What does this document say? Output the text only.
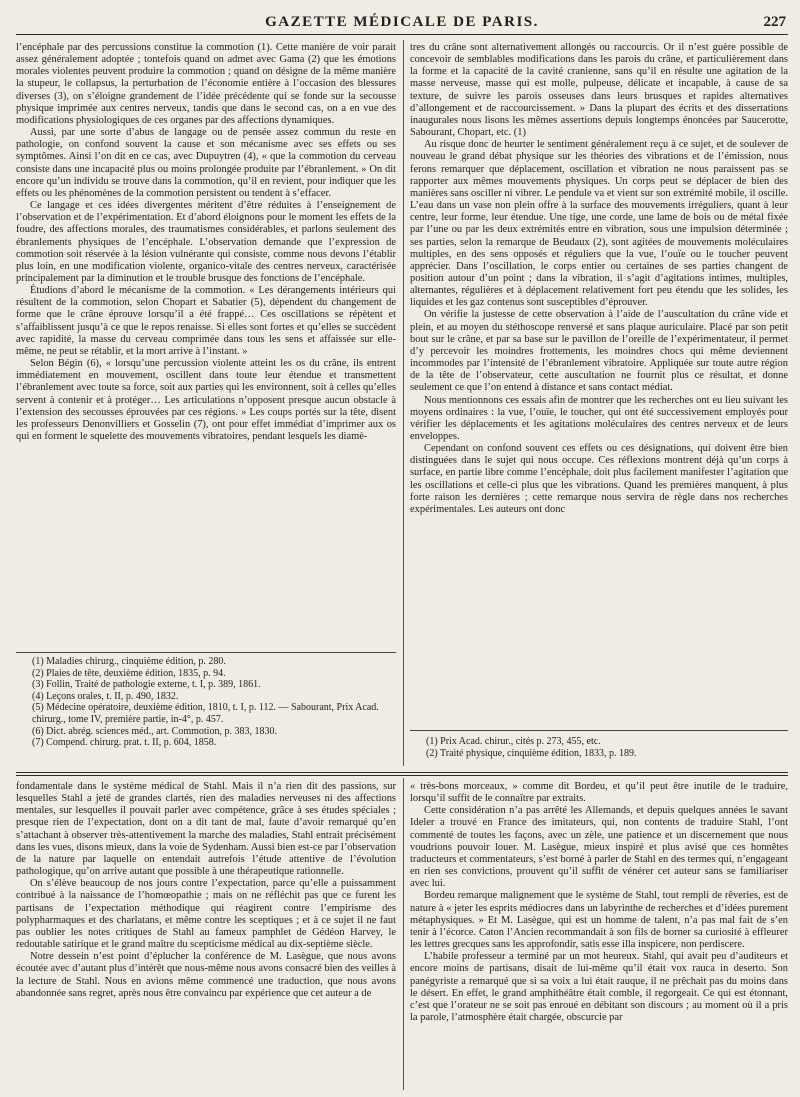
GAZETTE MÉDICALE DE PARIS.	227

l’encéphale par des percussions constitue la commotion (1). Cette manière de voir parait assez généralement adoptée ; tontefois quand on admet avec Gama (2) que les émotions morales violentes peuvent produire la commotion ; quand on désigne de la même manière la stupeur, le collapsus, la perturbation de l’économie entière à l’occasion des blessures diverses (3), on s’éloigne grandement de l’idée précédente qui se fonde sur la secousse physique imprimée aux centres nerveux, tandis que dans le second cas, on a en vue des modifications physiologiques de ces organes par des affections dynamiques.

Aussi, par une sorte d’abus de langage ou de pensée assez commun du reste en pathologie, on confond souvent la cause et son mécanisme avec ses effets ou ses symptômes. Ainsi l’on dit en ce cas, avec Dupuytren (4), « que la commotion du cerveau consiste dans une incapacité plus ou moins prolongée produite par l’ébranlement. » On dit encore qu’un individu se trouve dans la commotion, qu’il en revient, pour indiquer que les effets ou les phénomènes de la commotion persistent ou tendent à s’effacer.

Ce langage et ces idées divergentes méritent d’être réduites à l’enseignement de l’observation et de l’expérimentation. Et d’abord éloignons pour le moment les effets de la foudre, des affections morales, des traumatismes considérables, et parlons seulement des ébranlements physiques de l’encéphale. L’observation demande que l’expression de commotion soit réservée à la lésion vulnérante qui consiste, comme nous devons l’établir plus loin, en une modification violente, organico-vitale des centres nerveux, caractérisée principalement par la diminution et le trouble brusque des fonctions de l’encéphale.

Étudions d’abord le mécanisme de la commotion. « Les dérangements intérieurs qui résultent de la commotion, selon Chopart et Sabatier (5), dépendent du changement de forme que le crâne éprouve lorsqu’il a été frappé… Ces oscillations se répètent et s’affaiblissent jusqu’à ce que le repos renaisse. Si elles sont fortes et qu’elles se succèdent avec rapidité, la masse du cerveau comprimée dans tous les sens et affaissée sur elle-même, ne peut se rétablir, et la mort arrive à l’instant. »

Selon Bégin (6), « lorsqu’une percussion violente atteint les os du crâne, ils entrent immédiatement en mouvement, oscillent dans toute leur étendue et transmettent l’ébranlement avec toute sa force, soit aux parties qui les environnent, soit à celles qu’elles servent à contenir et à protéger… Les articulations n’opposent presque aucun obstacle à l’extension des secousses éprouvées par ces régions. » Les coups portés sur la tête, disent les professeurs Denonvilliers et Gosselin (7), ont pour effet immédiat d’imprimer aux os qui en forment le squelette des mouvements vibratoires, pendant lesquels les diamè-

(1) Maladies chirurg., cinquième édition, p. 280.
(2) Plaies de tête, deuxième édition, 1835, p. 94.
(3) Follin, Traité de pathologie externe, t. I, p. 389, 1861.
(4) Leçons orales, t. II, p. 490, 1832.
(5) Médecine opératoire, deuxième édition, 1810, t. I, p. 112. — Sabourant, Prix Acad. chirurg., tome IV, première partie, in-4°, p. 457.
(6) Dict. abrég. sciences méd., art. Commotion, p. 383, 1830.
(7) Compend. chirurg. prat. t. II, p. 604, 1858.

tres du crâne sont alternativement allongés ou raccourcis. Or il n’est guère possible de concevoir de semblables modifications dans les parois du crâne, et particulièrement dans la forme et la capacité de la cavité cranienne, sans qu’il en résulte une agitation de la masse nerveuse, masse qui est molle, pulpeuse, délicate et incapable, à cause de sa texture, de suivre les parois osseuses dans leurs brusques et rapides alternatives d’allongement et de raccourcissement. » Dans la plupart des écrits et des dissertations inaugurales nous lisons les mêmes assertions depuis longtemps énoncées par Saucerotte, Sabourant, Chopart, etc. (1)

Au risque donc de heurter le sentiment généralement reçu à ce sujet, et de soulever de nouveau le grand débat physique sur les théories des vibrations et de l’émission, nous ferons remarquer que déplacement, oscillation et vibration ne nous paraissent pas se rapporter aux mêmes mouvements physiques. Un corps peut se déplacer de bien des manières sans osciller ni vibrer. Le pendule va et vient sur son extrémité mobile, il oscille. L’eau dans un vase non plein offre à la surface des mouvements irréguliers, quant à leur centre, leur forme, leur étendue. Une tige, une corde, une lame de bois ou de métal fixée par l’une ou par les deux extrémités entre en vibration, sous une impulsion déterminée ; ses parties, selon la remarque de Beudaux (2), sont agitées de mouvements moléculaires multiples, en des sens opposés et réguliers que la vue, l’ouïe ou le toucher peuvent apprécier. Dans l’oscillation, le corps entier ou certaines de ses parties changent de position autour d’un point ; dans la vibration, il s’agit d’agitations intimes, multiples, alternantes, régulières et à déplacement relativement fort peu étendu que les solides, les liquides et les gaz contenus sont susceptibles d’éprouver.

On vérifie la justesse de cette observation à l’aide de l’auscultation du crâne vide et plein, et au moyen du stéthoscope renversé et sans plaque auriculaire. Placé par son petit bout sur le crâne, et par sa base sur le pavillon de l’oreille de l’expérimentateur, il permet d’y percevoir les moindres frottements, les moindres chocs qui même deviennent incommodes par l’intensité de l’ébranlement vibratoire. Appliquée sur toute autre région de la tête de l’observateur, cette auscultation ne fournit plus ce résultat, et donne seulement ce que l’on entend à distance et sans contact médiat.

Nous mentionnons ces essais afin de montrer que les recherches ont eu lieu suivant les moyens ordinaires : la vue, l’ouïe, le toucher, qui ont été successivement employés pour vérifier les déplacements et les agitations moléculaires des centres nerveux et de leurs enveloppes.

Cependant on confond souvent ces effets ou ces désignations, qui doivent être bien distinguées dans le sujet qui nous occupe. Ces réflexions montrent déjà qu’un corps à surface, en partie libre comme l’encéphale, doit plus facilement manifester l’agitation que les oscillations et celle-ci plus que les vibrations. Quand les premières manquent, à plus forte raison les dernières ; cette remarque nous servira de règle dans nos recherches expérimentales. Les auteurs ont donc

(1) Prix Acad. chirur., cités p. 273, 455, etc.
(2) Traité physique, cinquième édition, 1833, p. 189.

fondamentale dans le système médical de Stahl. Mais il n’a rien dit des passions, sur lesquelles Stahl a jeté de grandes clartés, rien des maladies nerveuses ni des affections mentales, sur lesquelles il pouvait parler avec compétence, grâce à ses études spéciales ; presque rien de l’expectation, dont on a dit tant de mal, faute d’avoir remarqué qu’en s’attachant à observer très-attentivement la marche des maladies, Stahl entrait précisément dans les vues, disons mieux, dans la voie de Sydenham. Aussi bien est-ce par l’observation de la nature par laquelle on entendait autrefois l’étude attentive de l’évolution pathologique, qu’on arrive autant que possible à une thérapeutique rationnelle.

On s’élève beaucoup de nos jours contre l’expectation, parce qu’elle a puissamment contribué à la naissance de l’homœopathie ; mais on ne réfléchit pas que ce furent les partisans de l’expectation méthodique qui réagirent contre l’empirisme des polypharmaques et des charlatans, et même contre les sceptiques ; et à ce sujet il ne faut pas oublier les notes critiques de Stahl au fameux pamphlet de Gédéon Harvey, le redoutable satirique et le grand maître du scepticisme médical au dix-septième siècle.

Notre dessein n’est point d’éplucher la conférence de M. Lasègue, que nous avons écoutée avec d’autant plus d’intérêt que nous-même nous avons consacré bien des veilles à la lecture de Stahl. Nous en avions même commencé une traduction, que nous avons abandonnée sans regret, après nous être convaincu par expérience que cet auteur a de

« très-bons morceaux, » comme dit Bordeu, et qu’il peut être inutile de le traduire, lorsqu’il suffit de le connaître par extraits.

Cette considération n’a pas arrêté les Allemands, et depuis quelques années le savant Ideler a trouvé en France des imitateurs, qui, non contents de traduire Stahl, l’ont commenté de toutes les façons, avec un zèle, une patience et un discernement que nous voudrions pouvoir louer. M. Lasègue, mieux inspiré et plus avisé que ces honnêtes traducteurs et commentateurs, s’est borné à parler de Stahl en des termes qui, n’engageant en rien ses convictions, prouvent qu’il suffit de vénérer cet auteur sans se familiariser avec lui.

Bordeu remarque malignement que le système de Stahl, tout rempli de rêveries, est de nature à « jeter les esprits médiocres dans un labyrinthe de recherches et d’idées purement métaphysiques. » Et M. Lasègue, qui est un homme de talent, n’a pas mal fait de s’en tenir à l’écorce. Caton l’Ancien recommandait à son fils de borner sa curiosité à effleurer les lettres grecques sans les approfondir, satis esse illa inspicere, non perdiscere.

L’habile professeur a terminé par un mot heureux. Stahl, qui avait peu d’auditeurs et encore moins de partisans, disait de lui-même qu’il était vox rauca in deserto. Son panégyriste a remarqué que si sa voix a lui était rauque, il ne prêchait pas du moins dans le désert. En effet, le grand amphithéâtre était comble, il regorgeait. Ce qui est étonnant, c’est que l’orateur ne se soit pas enroué en débitant son discours ; au moment où il a pris la parole, l’atmosphère était chargée, obscurcie par
